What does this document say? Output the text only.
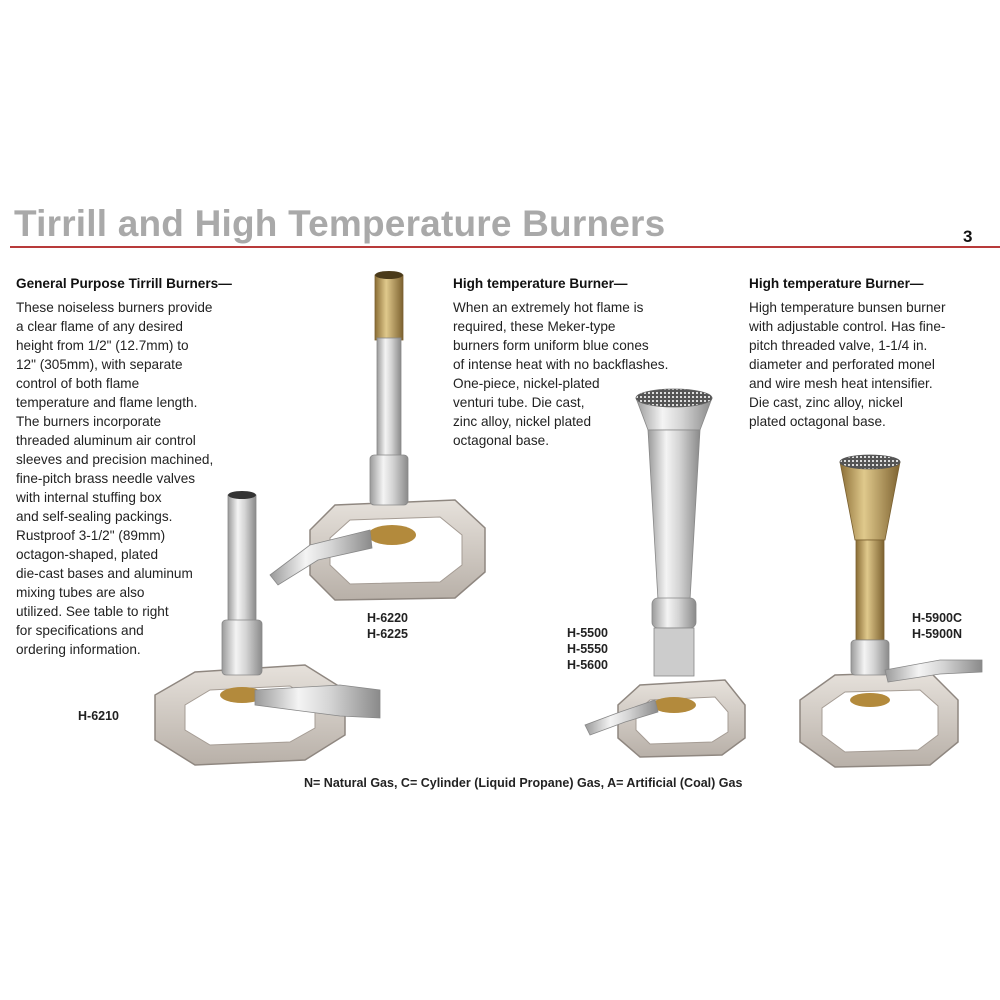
Tirrill and High Temperature Burners	3
General Purpose Tirrill Burners—
These noiseless burners provide
a clear flame of any desired
height from 1/2" (12.7mm) to
12" (305mm), with separate
control of both flame
temperature and flame length.
The burners incorporate
threaded aluminum air control
sleeves and precision machined,
fine-pitch brass needle valves
with internal stuffing box
and self-sealing packings.
Rustproof 3-1/2" (89mm)
octagon-shaped, plated
die-cast bases and aluminum
mixing tubes are also
utilized. See table to right
for specifications and
ordering information.
High temperature Burner—
When an extremely hot flame is
required, these Meker-type
burners form uniform blue cones
of intense heat with no backflashes.
One-piece, nickel-plated
venturi tube. Die cast,
zinc alloy, nickel plated
octagonal base.
High temperature Burner—
High temperature bunsen burner
with adjustable control. Has fine-
pitch threaded valve, 1-1/4 in.
diameter and perforated monel
and wire mesh heat intensifier.
Die cast, zinc alloy, nickel
plated octagonal base.
H-6210
H-6220
H-6225	H-5500
H-5550
H-5600
H-5900C
H-5900N
N= Natural Gas, C= Cylinder (Liquid Propane) Gas, A= Artificial (Coal) Gas
